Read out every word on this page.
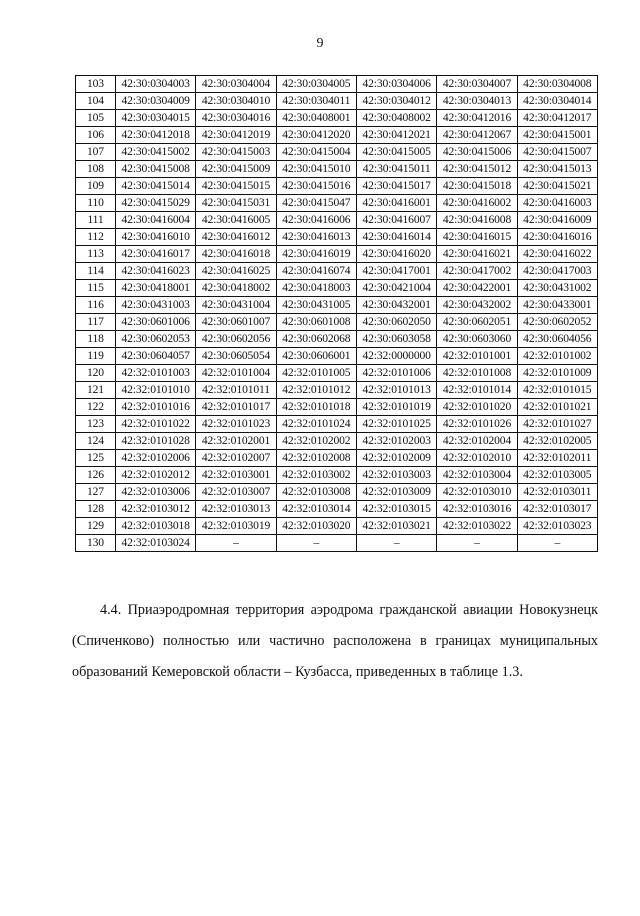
9
103	42:30:0304003	42:30:0304004	42:30:0304005	42:30:0304006	42:30:0304007	42:30:0304008
104	42:30:0304009	42:30:0304010	42:30:0304011	42:30:0304012	42:30:0304013	42:30:0304014
105	42:30:0304015	42:30:0304016	42:30:0408001	42:30:0408002	42:30:0412016	42:30:0412017
106	42:30:0412018	42:30:0412019	42:30:0412020	42:30:0412021	42:30:0412067	42:30:0415001
107	42:30:0415002	42:30:0415003	42:30:0415004	42:30:0415005	42:30:0415006	42:30:0415007
108	42:30:0415008	42:30:0415009	42:30:0415010	42:30:0415011	42:30:0415012	42:30:0415013
109	42:30:0415014	42:30:0415015	42:30:0415016	42:30:0415017	42:30:0415018	42:30:0415021
110	42:30:0415029	42:30:0415031	42:30:0415047	42:30:0416001	42:30:0416002	42:30:0416003
111	42:30:0416004	42:30:0416005	42:30:0416006	42:30:0416007	42:30:0416008	42:30:0416009
112	42:30:0416010	42:30:0416012	42:30:0416013	42:30:0416014	42:30:0416015	42:30:0416016
113	42:30:0416017	42:30:0416018	42:30:0416019	42:30:0416020	42:30:0416021	42:30:0416022
114	42:30:0416023	42:30:0416025	42:30:0416074	42:30:0417001	42:30:0417002	42:30:0417003
115	42:30:0418001	42:30:0418002	42:30:0418003	42:30:0421004	42:30:0422001	42:30:0431002
116	42:30:0431003	42:30:0431004	42:30:0431005	42:30:0432001	42:30:0432002	42:30:0433001
117	42:30:0601006	42:30:0601007	42:30:0601008	42:30:0602050	42:30:0602051	42:30:0602052
118	42:30:0602053	42:30:0602056	42:30:0602068	42:30:0603058	42:30:0603060	42:30:0604056
119	42:30:0604057	42:30:0605054	42:30:0606001	42:32:0000000	42:32:0101001	42:32:0101002
120	42:32:0101003	42:32:0101004	42:32:0101005	42:32:0101006	42:32:0101008	42:32:0101009
121	42:32:0101010	42:32:0101011	42:32:0101012	42:32:0101013	42:32:0101014	42:32:0101015
122	42:32:0101016	42:32:0101017	42:32:0101018	42:32:0101019	42:32:0101020	42:32:0101021
123	42:32:0101022	42:32:0101023	42:32:0101024	42:32:0101025	42:32:0101026	42:32:0101027
124	42:32:0101028	42:32:0102001	42:32:0102002	42:32:0102003	42:32:0102004	42:32:0102005
125	42:32:0102006	42:32:0102007	42:32:0102008	42:32:0102009	42:32:0102010	42:32:0102011
126	42:32:0102012	42:32:0103001	42:32:0103002	42:32:0103003	42:32:0103004	42:32:0103005
127	42:32:0103006	42:32:0103007	42:32:0103008	42:32:0103009	42:32:0103010	42:32:0103011
128	42:32:0103012	42:32:0103013	42:32:0103014	42:32:0103015	42:32:0103016	42:32:0103017
129	42:32:0103018	42:32:0103019	42:32:0103020	42:32:0103021	42:32:0103022	42:32:0103023
130	42:32:0103024	–	–	–	–	–
4.4. Приаэродромная территория аэродрома гражданской авиации Новокузнецк (Спиченково) полностью или частично расположена в границах муниципальных образований Кемеровской области – Кузбасса, приведенных в таблице 1.3.
